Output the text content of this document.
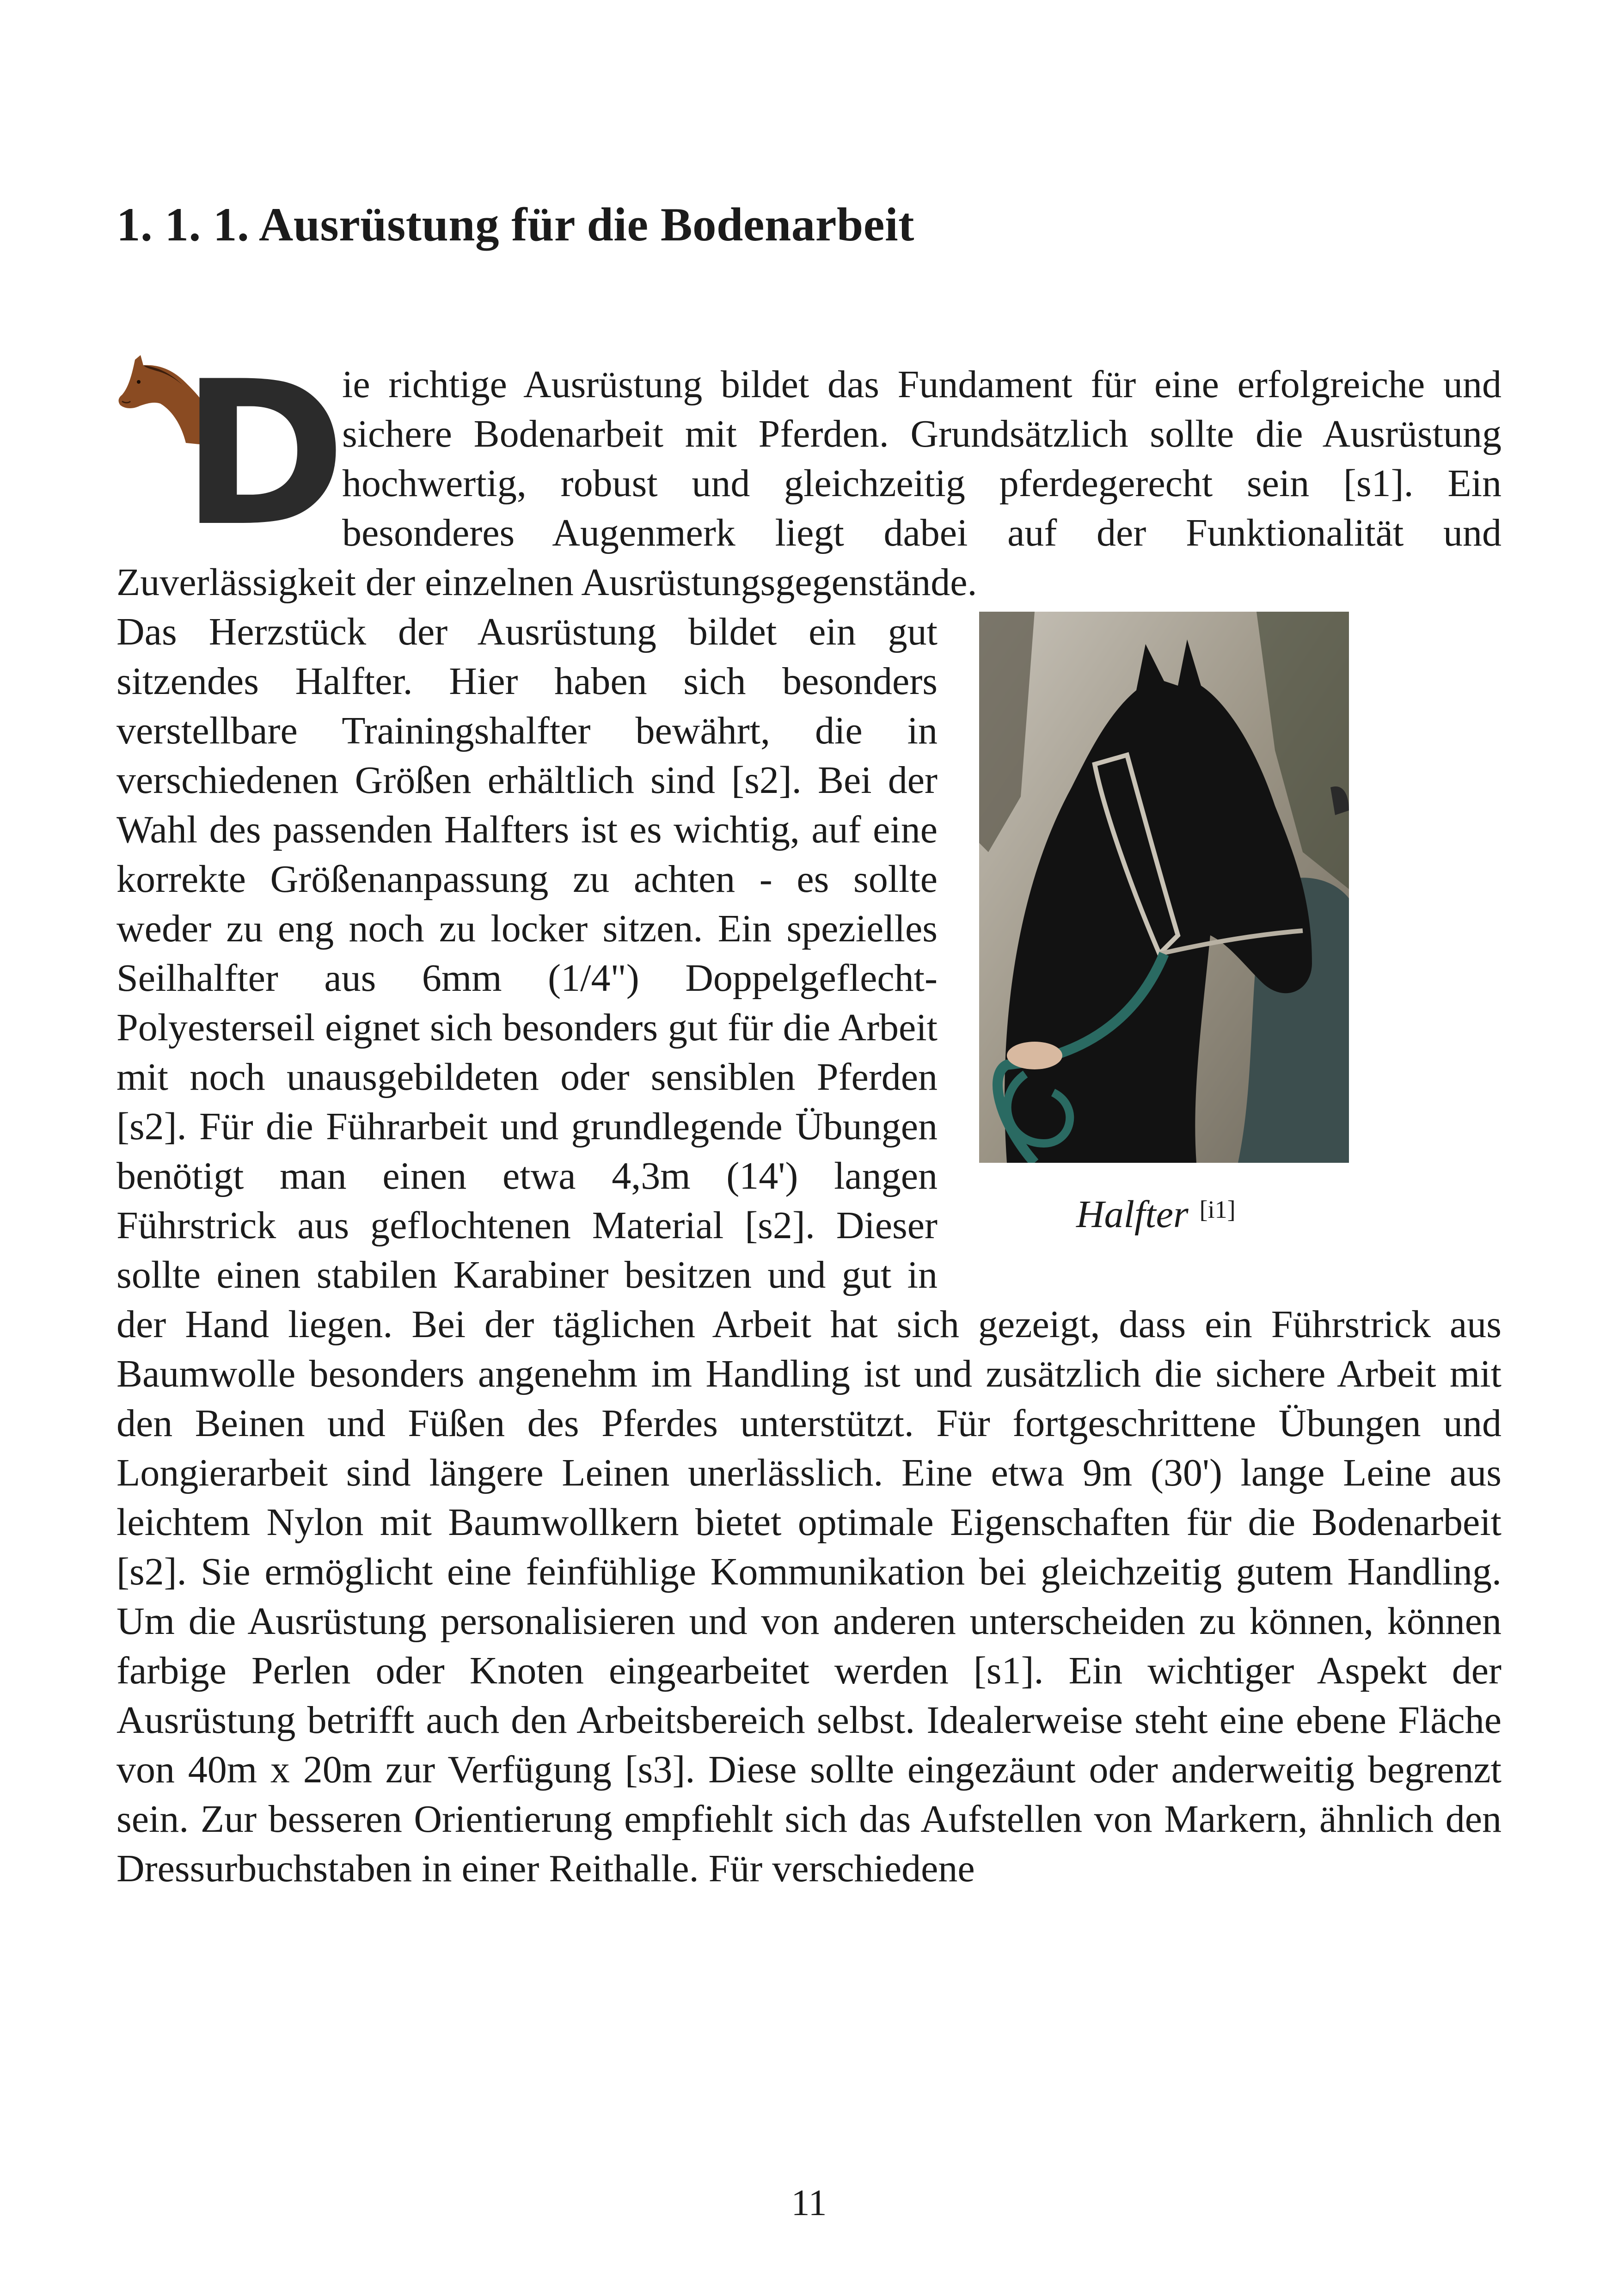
1. 1. 1. Ausrüstung für die Bodenarbeit
D

ie richtige Ausrüstung bildet das Fundament für eine erfolgreiche und sichere Bodenarbeit mit Pferden. Grundsätzlich sollte die Ausrüstung hochwertig, robust und gleichzeitig pferdegerecht sein [s1]. Ein besonderes Augenmerk liegt dabei auf der Funktionalität und Zuverlässigkeit der einzelnen Ausrüstungsgegenstände.

Halfter [i1]

Das Herzstück der Ausrüstung bildet ein gut sitzendes Halfter. Hier haben sich besonders verstellbare Trainingshalfter bewährt, die in verschiedenen Größen erhältlich sind [s2]. Bei der Wahl des passenden Halfters ist es wichtig, auf eine korrekte Größenanpassung zu achten - es sollte weder zu eng noch zu locker sitzen. Ein spezielles Seilhalfter aus 6mm (1/4") Doppelgeflecht-Polyesterseil eignet sich besonders gut für die Arbeit mit noch unausgebildeten oder sensiblen Pferden [s2]. Für die Führarbeit und grundlegende Übungen benötigt man einen etwa 4,3m (14') langen Führstrick aus geflochtenen Material [s2]. Dieser sollte einen stabilen Karabiner besitzen und gut in der Hand liegen. Bei der täglichen Arbeit hat sich gezeigt, dass ein Führstrick aus Baumwolle besonders angenehm im Handling ist und zusätzlich die sichere Arbeit mit den Beinen und Füßen des Pferdes unterstützt. Für fortgeschrittene Übungen und Longierarbeit sind längere Leinen unerlässlich. Eine etwa 9m (30') lange Leine aus leichtem Nylon mit Baumwollkern bietet optimale Eigenschaften für die Bodenarbeit [s2]. Sie ermöglicht eine feinfühlige Kommunikation bei gleichzeitig gutem Handling. Um die Ausrüstung personalisieren und von anderen unterscheiden zu können, können farbige Perlen oder Knoten eingearbeitet werden [s1]. Ein wichtiger Aspekt der Ausrüstung betrifft auch den Arbeitsbereich selbst. Idealerweise steht eine ebene Fläche von 40m x 20m zur Verfügung [s3]. Diese sollte eingezäunt oder anderweitig begrenzt sein. Zur besseren Orientierung empfiehlt sich das Aufstellen von Markern, ähnlich den Dressurbuchstaben in einer Reithalle. Für verschiedene

11
